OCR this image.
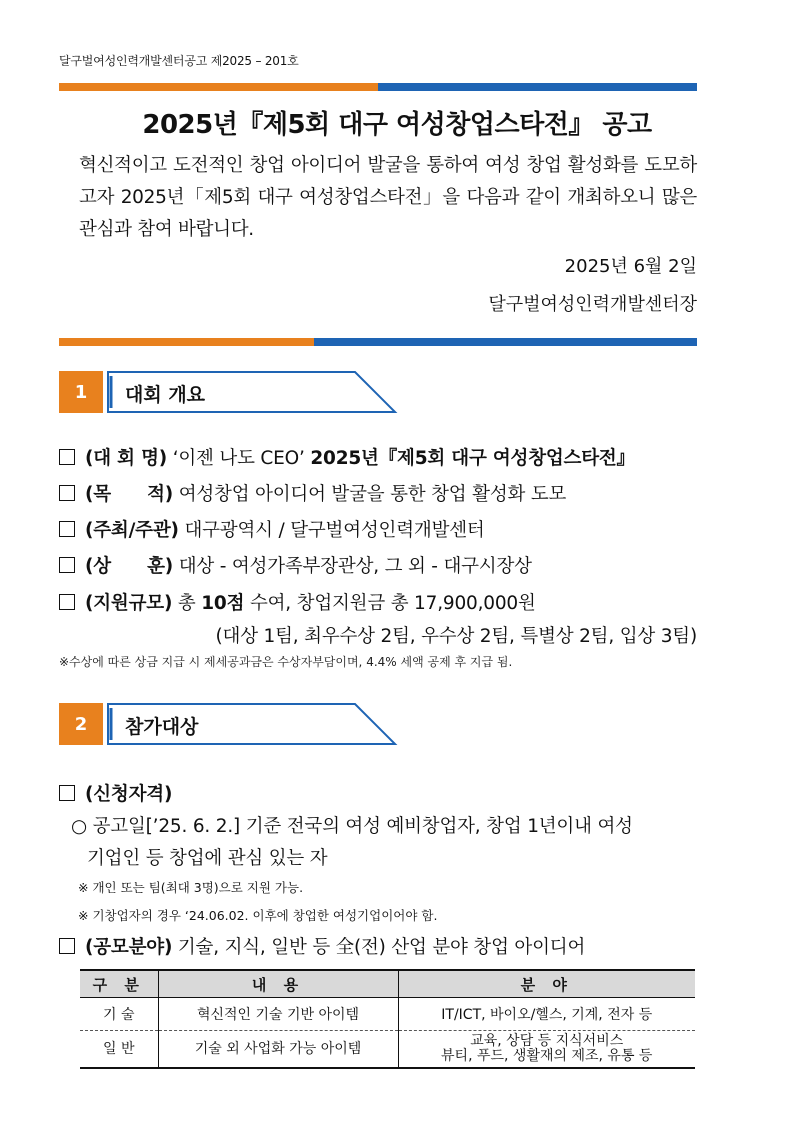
달구벌여성인력개발센터공고 제2025 – 201호
2025년『제5회 대구 여성창업스타전』 공고
혁신적이고 도전적인 창업 아이디어 발굴을 통하여 여성 창업 활성화를 도모하고자 2025년「제5회 대구 여성창업스타전」을 다음과 같이 개최하오니 많은 관심과 참여 바랍니다.
2025년 6월 2일
달구벌여성인력개발센터장
1	대회 개요
(대 회 명) ‘이젠 나도 CEO’ 2025년『제5회 대구 여성창업스타전』
(목 적) 여성창업 아이디어 발굴을 통한 창업 활성화 도모
(주최/주관) 대구광역시 / 달구벌여성인력개발센터
(상 훈) 대상 - 여성가족부장관상, 그 외 - 대구시장상
(지원규모) 총 10점 수여, 창업지원금 총 17,900,000원
(대상 1팀, 최우수상 2팀, 우수상 2팀, 특별상 2팀, 입상 3팀)
※수상에 따른 상금 지급 시 제세공과금은 수상자부담이며, 4.4% 세액 공제 후 지급 됨.
2	참가대상
(신청자격)
○ 공고일[’25. 6. 2.] 기준 전국의 여성 예비창업자, 창업 1년이내 여성
기업인 등 창업에 관심 있는 자
※ 개인 또는 팀(최대 3명)으로 지원 가능.
※ 기창업자의 경우 ‘24.06.02. 이후에 창업한 여성기업이어야 함.
(공모분야) 기술, 지식, 일반 등 全(전) 산업 분야 창업 아이디어
구 분	내 용	분 야
기 술	혁신적인 기술 기반 아이템	IT/ICT, 바이오/헬스, 기계, 전자 등
일 반	기술 외 사업화 가능 아이템	교육, 상담 등 지식서비스
뷰티, 푸드, 생활재의 제조, 유통 등
